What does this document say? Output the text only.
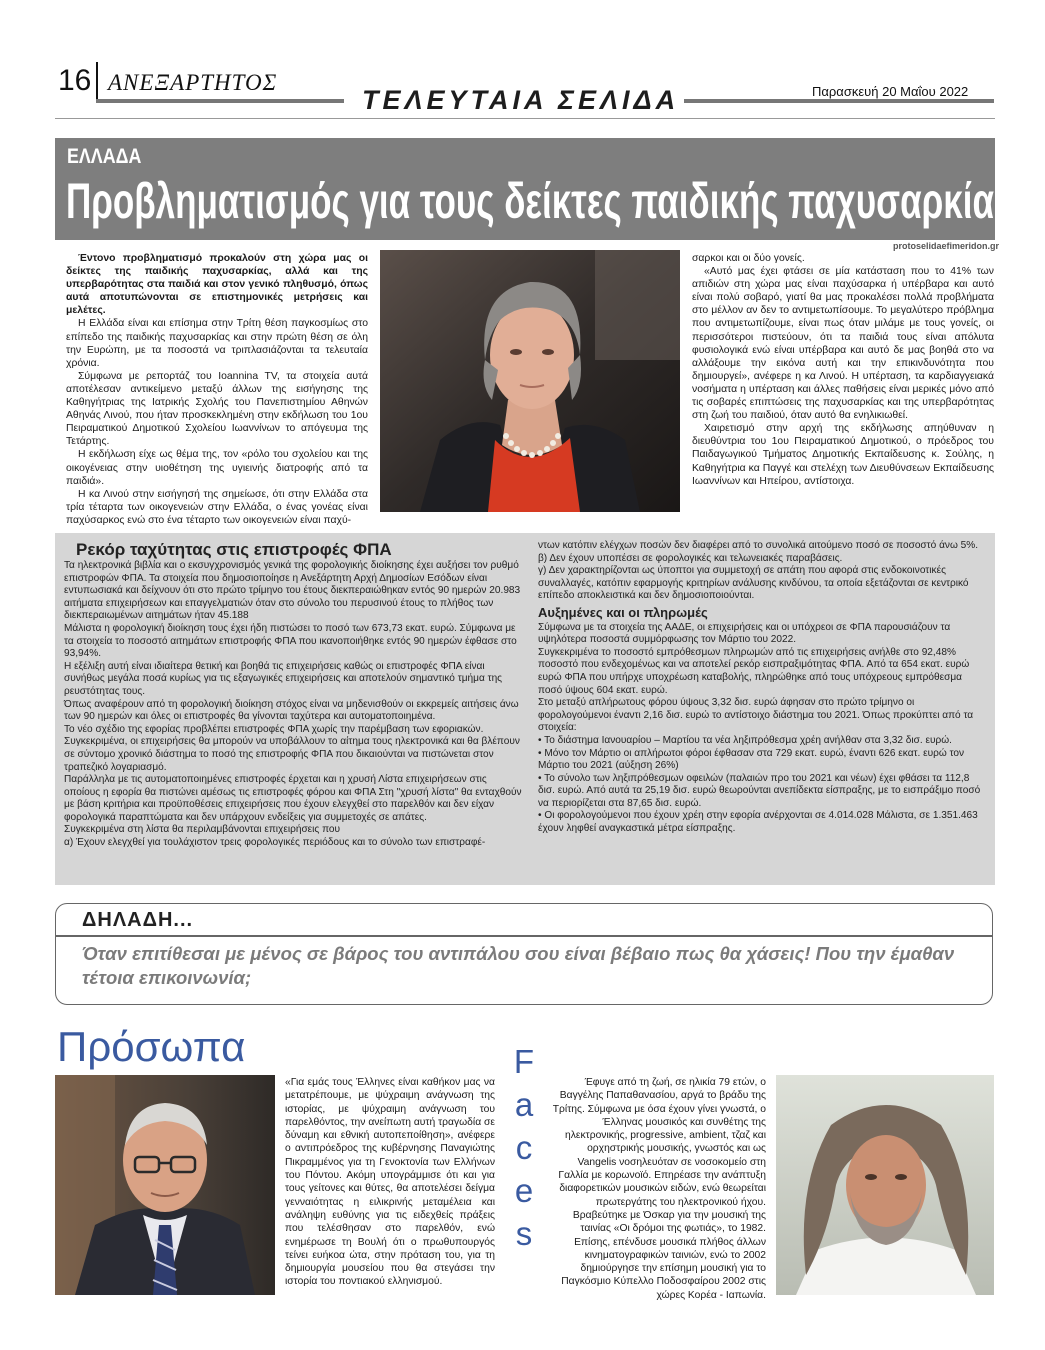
16 ΑΝΕΞΑΡΤΗΤΟΣ
ΤΕΛΕΥΤΑΙΑ ΣΕΛΙΔΑ	Παρασκευή 20 Μαΐου 2022
ΕΛΛΑΔΑ
Προβληματισμός για τους δείκτες παιδικής παχυσαρκίας
protoselidaefimeridon.gr

Έντονο προβληματισμό προκαλούν στη χώρα μας οι δείκτες της παιδικής παχυσαρκίας, αλλά και της υπερβαρότητας στα παιδιά και στον γενικό πληθυσμό, όπως αυτά αποτυπώνονται σε επιστημονικές μετρήσεις και μελέτες.

Η Ελλάδα είναι και επίσημα στην Τρίτη θέση παγκοσμίως στο επίπεδο της παιδικής παχυσαρκίας και στην πρώτη θέση σε όλη την Ευρώπη, με τα ποσοστά να τριπλασιάζονται τα τελευταία χρόνια.

Σύμφωνα με ρεπορτάζ του Ioannina TV, τα στοιχεία αυτά αποτέλεσαν αντικείμενο μεταξύ άλλων της εισήγησης της Καθηγήτριας της Ιατρικής Σχολής του Πανεπιστημίου Αθηνών Αθηνάς Λινού, που ήταν προσκεκλημένη στην εκδήλωση του 1ου Πειραματικού Δημοτικού Σχολείου Ιωαννίνων το απόγευμα της Τετάρτης.

Η εκδήλωση είχε ως θέμα της, τον «ρόλο του σχολείου και της οικογένειας στην υιοθέτηση της υγιεινής διατροφής από τα παιδιά».

Η κα Λινού στην εισήγησή της σημείωσε, ότι στην Ελλάδα στα τρία τέταρτα των οικογενειών στην Ελλάδα, ο ένας γονέας είναι παχύσαρκος ενώ στο ένα τέταρτο των οικογενειών είναι παχύ-

σαρκοι και οι δύο γονείς.

«Αυτό μας έχει φτάσει σε μία κατάσταση που το 41% των απιδιών στη χώρα μας είναι παχύσαρκα ή υπέρβαρα και αυτό είναι πολύ σοβαρό, γιατί θα μας προκαλέσει πολλά προβλήματα στο μέλλον αν δεν το αντιμετωπίσουμε. Το μεγαλύτερο πρόβλημα που αντιμετωπίζουμε, είναι πως όταν μιλάμε με τους γονείς, οι περισσότεροι πιστεύουν, ότι τα παιδιά τους είναι απόλυτα φυσιολογικά ενώ είναι υπέρβαρα και αυτό δε μας βοηθά στο να αλλάξουμε την εικόνα αυτή και την επικινδυνότητα που δημιουργεί», ανέφερε η κα Λινού. Η υπέρταση, τα καρδιαγγειακά νοσήματα η υπέρταση και άλλες παθήσεις είναι μερικές μόνο από τις σοβαρές επιπτώσεις της παχυσαρκίας και της υπερβαρότητας στη ζωή του παιδιού, όταν αυτό θα ενηλικιωθεί.

Χαιρετισμό στην αρχή της εκδήλωσης απηύθυναν η διευθύντρια του 1ου Πειραματικού Δημοτικού, ο πρόεδρος του Παιδαγωγικού Τμήματος Δημοτικής Εκπαίδευσης κ. Σούλης, η Καθηγήτρια κα Παγγέ και στελέχη των Διευθύνσεων Εκπαίδευσης Ιωαννίνων και Ηπείρου, αντίστοιχα.

Ρεκόρ ταχύτητας στις επιστροφές ΦΠΑ

Τα ηλεκτρονικά βιβλία και ο εκσυγχρονισμός γενικά της φορολογικής διοίκησης έχει αυξήσει τον ρυθμό επιστροφών ΦΠΑ. Τα στοιχεία που δημοσιοποίησε η Ανεξάρτητη Αρχή Δημοσίων Εσόδων είναι εντυπωσιακά και δείχνουν ότι στο πρώτο τρίμηνο του έτους διεκπεραιώθηκαν εντός 90 ημερών 20.983 αιτήματα επιχειρήσεων και επαγγελματιών όταν στο σύνολο του περυσινού έτους το πλήθος των διεκπεραιωμένων αιτημάτων ήταν 45.188

Μάλιστα η φορολογική διοίκηση τους έχει ήδη πιστώσει το ποσό των 673,73 εκατ. ευρώ. Σύμφωνα με τα στοιχεία το ποσοστό αιτημάτων επιστροφής ΦΠΑ που ικανοποιήθηκε εντός 90 ημερών έφθασε στο 93,94%.

Η εξέλιξη αυτή είναι ιδιαίτερα θετική και βοηθά τις επιχειρήσεις καθώς οι επιστροφές ΦΠΑ είναι συνήθως μεγάλα ποσά κυρίως για τις εξαγωγικές επιχειρήσεις και αποτελούν σημαντικό τμήμα της ρευστότητας τους.

Όπως αναφέρουν από τη φορολογική διοίκηση στόχος είναι να μηδενισθούν οι εκκρεμείς αιτήσεις άνω των 90 ημερών και όλες οι επιστροφές θα γίνονται ταχύτερα και αυτοματοποιημένα.

Το νέο σχέδιο της εφορίας προβλέπει επιστροφές ΦΠΑ χωρίς την παρέμβαση των εφοριακών.

Συγκεκριμένα, οι επιχειρήσεις θα μπορούν να υποβάλλουν το αίτημα τους ηλεκτρονικά και θα βλέπουν σε σύντομο χρονικό διάστημα το ποσό της επιστροφής ΦΠΑ που δικαιούνται να πιστώνεται στον τραπεζικό λογαριασμό.

Παράλληλα με τις αυτοματοποιημένες επιστροφές έρχεται και η χρυσή Λίστα επιχειρήσεων στις οποίους η εφορία θα πιστώνει αμέσως τις επιστροφές φόρου και ΦΠΑ Στη "χρυσή λίστα" θα ενταχθούν με βάση κριτήρια και προϋποθέσεις επιχειρήσεις που έχουν ελεγχθεί στο παρελθόν και δεν είχαν φορολογικά παραπτώματα και δεν υπάρχουν ενδείξεις για συμμετοχές σε απάτες.

Συγκεκριμένα στη λίστα θα περιλαμβάνονται επιχειρήσεις που

α) Έχουν ελεγχθεί για τουλάχιστον τρεις φορολογικές περιόδους και το σύνολο των επιστραφέ-

ντων κατόπιν ελέγχων ποσών δεν διαφέρει από το συνολικά αιτούμενο ποσό σε ποσοστό άνω 5%.

β) Δεν έχουν υποπέσει σε φορολογικές και τελωνειακές παραβάσεις.

γ) Δεν χαρακτηρίζονται ως ύποπτοι για συμμετοχή σε απάτη που αφορά στις ενδοκοινοτικές συναλλαγές, κατόπιν εφαρμογής κριτηρίων ανάλυσης κινδύνου, τα οποία εξετάζονται σε κεντρικό επίπεδο αποκλειστικά και δεν δημοσιοποιούνται.

Αυξημένες και οι πληρωμές

Σύμφωνα με τα στοιχεία της ΑΑΔΕ, οι επιχειρήσεις και οι υπόχρεοι σε ΦΠΑ παρουσιάζουν τα υψηλότερα ποσοστά συμμόρφωσης τον Μάρτιο του 2022.

Συγκεκριμένα το ποσοστό εμπρόθεσμων πληρωμών από τις επιχειρήσεις ανήλθε στο 92,48% ποσοστό που ενδεχομένως και να αποτελεί ρεκόρ εισπραξιμότητας ΦΠΑ. Από τα 654 εκατ. ευρώ ευρώ ΦΠΑ που υπήρχε υποχρέωση καταβολής, πληρώθηκε από τους υπόχρεους εμπρόθεσμα ποσό ύψους 604 εκατ. ευρώ.

Στο μεταξύ απλήρωτους φόρου ύψους 3,32 δισ. ευρώ άφησαν στο πρώτο τρίμηνο οι φορολογούμενοι έναντι 2,16 δισ. ευρώ το αντίστοιχο διάστημα του 2021. Όπως προκύπτει από τα στοιχεία:

• Το διάστημα Ιανουαρίου – Μαρτίου τα νέα ληξιπρόθεσμα χρέη ανήλθαν στα 3,32 δισ. ευρώ.

• Μόνο τον Μάρτιο οι απλήρωτοι φόροι έφθασαν στα 729 εκατ. ευρώ, έναντι 626 εκατ. ευρώ τον Μάρτιο του 2021 (αύξηση 26%)

• Το σύνολο των ληξιπρόθεσμων οφειλών (παλαιών προ του 2021 και νέων) έχει φθάσει τα 112,8 δισ. ευρώ. Από αυτά τα 25,19 δισ. ευρώ θεωρούνται ανεπίδεκτα είσπραξης, με το εισπράξιμο ποσό να περιορίζεται στα 87,65 δισ. ευρώ.

• Οι φορολογούμενοι που έχουν χρέη στην εφορία ανέρχονται σε 4.014.028 Μάλιστα, σε 1.351.463 έχουν ληφθεί αναγκαστικά μέτρα είσπραξης.

ΔΗΛΑΔΗ...
Όταν επιτίθεσαι με μένος σε βάρος του αντιπάλου σου είναι βέβαιο πως θα χάσεις! Που την έμαθαν τέτοια επικοινωνία;
Πρόσωπα	F
a
c
e
s
«Για εμάς τους Έλληνες είναι καθήκον μας να μετατρέπουμε, με ψύχραιμη ανάγνωση της ιστορίας, με ψύχραιμη ανάγνωση του παρελθόντος, την ανείπωτη αυτή τραγωδία σε δύναμη και εθνική αυτοπεποίθηση», ανέφερε ο αντιπρόεδρος της κυβέρνησης Παναγιώτης Πικραμμένος για τη Γενοκτονία των Ελλήνων του Πόντου. Ακόμη υπογράμμισε ότι και για τους γείτονες και θύτες, θα αποτελέσει δείγμα γενναιότητας η ειλικρινής μεταμέλεια και ανάληψη ευθύνης για τις ειδεχθείς πράξεις που τελέσθησαν στο παρελθόν, ενώ ενημέρωσε τη Βουλή ότι ο πρωθυπουργός τείνει ευήκοα ώτα, στην πρόταση του, για τη δημιουργία μουσείου που θα στεγάσει την ιστορία του ποντιακού ελληνισμού.
Έφυγε από τη ζωή, σε ηλικία 79 ετών, ο Βαγγέλης Παπαθανασίου, αργά το βράδυ της Τρίτης. Σύμφωνα με όσα έχουν γίνει γνωστά, ο Έλληνας μουσικός και συνθέτης της ηλεκτρονικής, progressive, ambient, τζαζ και ορχηστρικής μουσικής, γνωστός και ως Vangelis νοσηλευόταν σε νοσοκομείο στη Γαλλία με κορωνοϊό. Επηρέασε την ανάπτυξη διαφορετικών μουσικών ειδών, ενώ θεωρείται πρωτεργάτης του ηλεκτρονικού ήχου. Βραβεύτηκε με Όσκαρ για την μουσική της ταινίας «Οι δρόμοι της φωτιάς», το 1982. Επίσης, επένδυσε μουσικά πλήθος άλλων κινηματογραφικών ταινιών, ενώ το 2002 δημιούργησε την επίσημη μουσική για το Παγκόσμιο Κύπελλο Ποδοσφαίρου 2002 στις χώρες Κορέα - Ιαπωνία.
